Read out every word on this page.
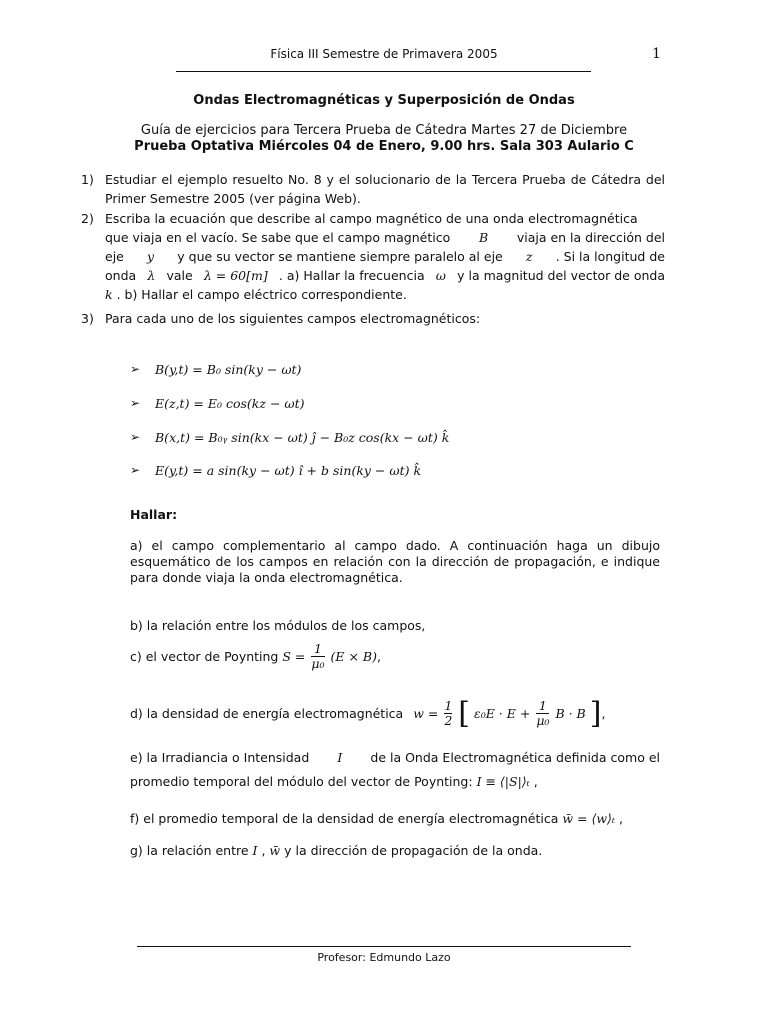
Física III Semestre de Primavera 2005	1
Ondas Electromagnéticas y Superposición de Ondas
Guía de ejercicios para Tercera Prueba de Cátedra Martes 27 de Diciembre
Prueba Optativa Miércoles 04 de Enero, 9.00 hrs. Sala 303 Aulario C
1) Estudiar el ejemplo resuelto No. 8 y el solucionario de la Tercera Prueba de Cátedra del Primer Semestre 2005 (ver página Web).
2) Escriba la ecuación que describe al campo magnético de una onda electromagnética
que viaja en el vacío. Se sabe que el campo magnético B viaja en la dirección del
eje y y que su vector se mantiene siempre paralelo al eje z . Si la longitud de
onda λ vale λ = 60[m] . a) Hallar la frecuencia ω y la magnitud del vector de onda
k . b) Hallar el campo eléctrico correspondiente.
3) Para cada uno de los siguientes campos electromagnéticos:
➢ B(y,t) = B₀ sin(ky − ωt)
➢ E(z,t) = E₀ cos(kz − ωt)
➢ B(x,t) = B₀ᵧ sin(kx − ωt) ĵ − B₀z cos(kx − ωt) k̂
➢ E(y,t) = a sin(ky − ωt) î + b sin(ky − ωt) k̂
Hallar:
a) el campo complementario al campo dado. A continuación haga un dibujo esquemático de los campos en relación con la dirección de propagación, e indique para donde viaja la onda electromagnética.
b) la relación entre los módulos de los campos,
c) el vector de Poynting $S = \frac{1}{\text{μ₀}} (E \times B)$,
d) la densidad de energía electromagnética $w = \frac{1}{2}$ [ $\varepsilon_0E \cdot E + \frac{1}{\text{μ₀}}$ B · B ],
e) la Irradiancia o Intensidad I de la Onda Electromagnética definida como el
promedio temporal del módulo del vector de Poynting: I ≡ ⟨|S|⟩ₜ ,
f) el promedio temporal de la densidad de energía electromagnética w̄ = ⟨w⟩ₜ ,
g) la relación entre I , w̄ y la dirección de propagación de la onda.
Profesor: Edmundo Lazo
